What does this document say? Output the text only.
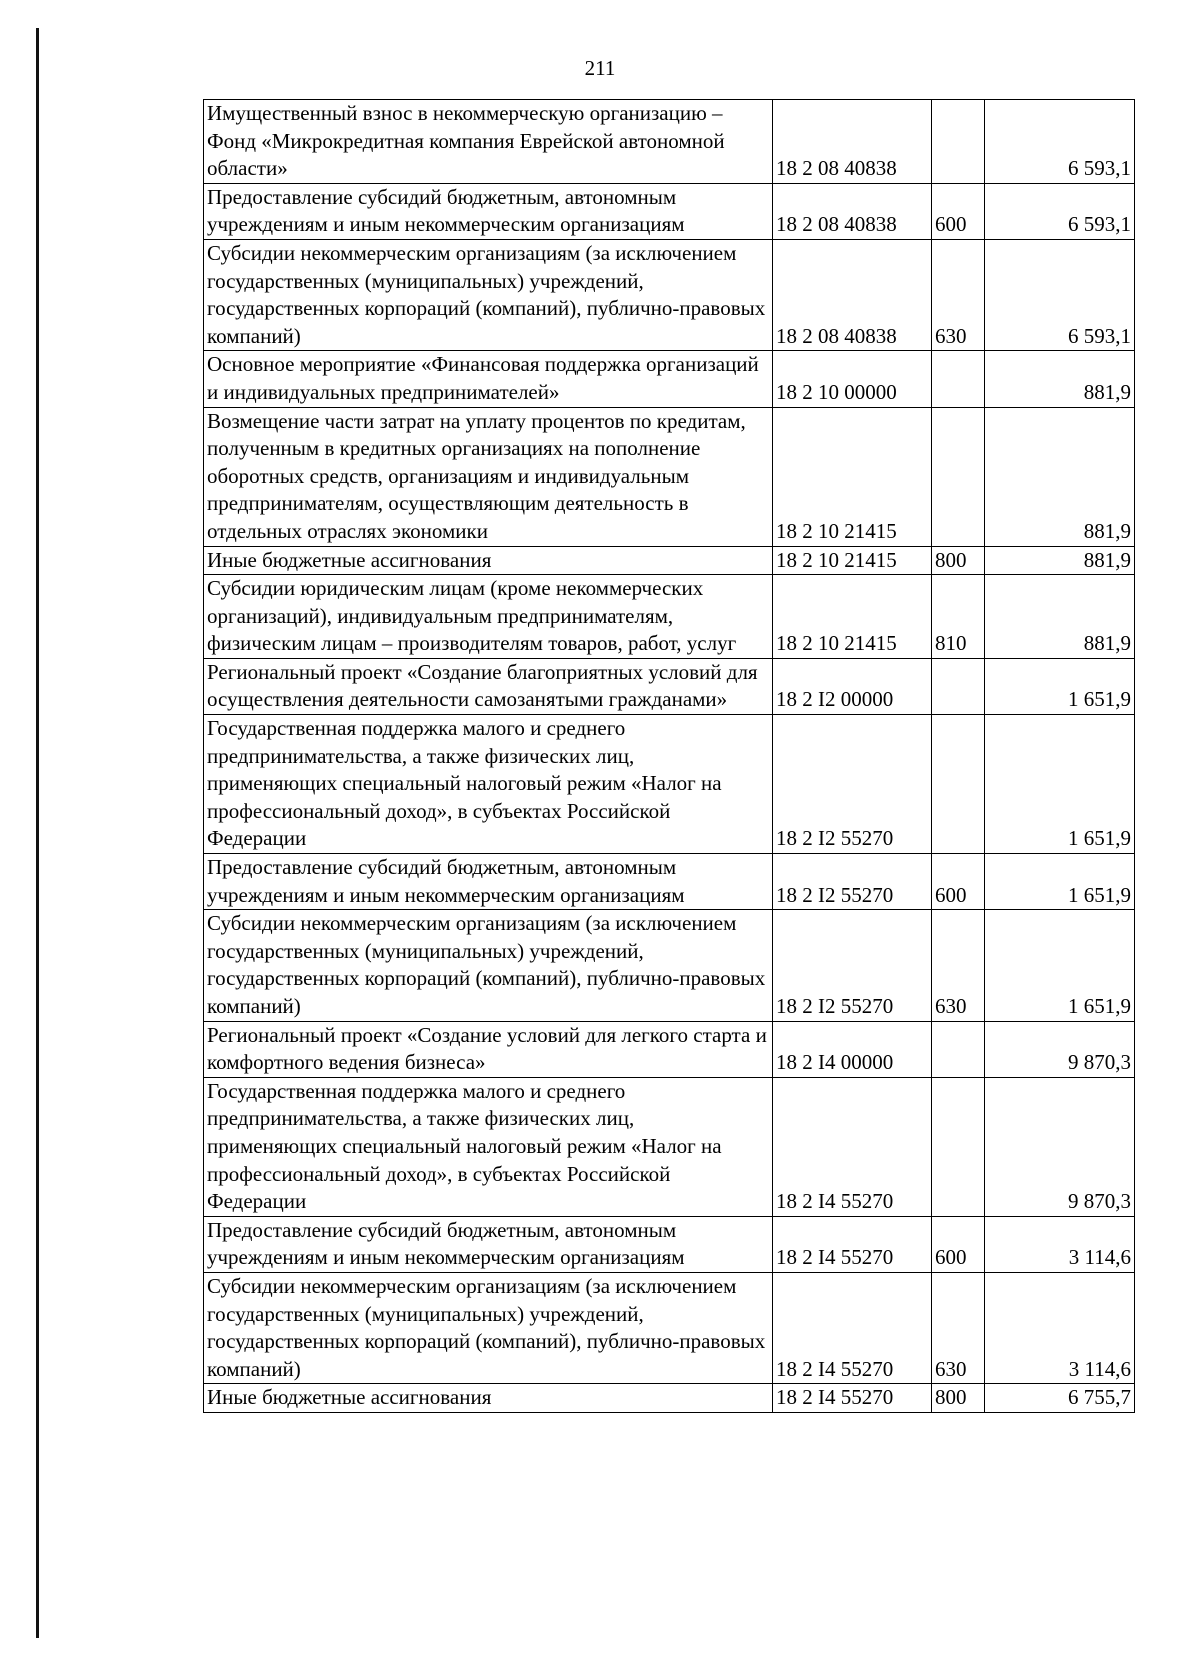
211
Имущественный взнос в некоммерческую организацию – Фонд «Микрокредитная компания Еврейской автономной области»	18 2 08 40838		6 593,1
Предоставление субсидий бюджетным, автономным учреждениям и иным некоммерческим организациям	18 2 08 40838	600	6 593,1
Субсидии некоммерческим организациям (за исключением государственных (муниципальных) учреждений, государственных корпораций (компаний), публично-правовых компаний)	18 2 08 40838	630	6 593,1
Основное мероприятие «Финансовая поддержка организаций и индивидуальных предпринимателей»	18 2 10 00000		881,9
Возмещение части затрат на уплату процентов по кредитам, полученным в кредитных организациях на пополнение оборотных средств, организациям и индивидуальным предпринимателям, осуществляющим деятельность в отдельных отраслях экономики	18 2 10 21415		881,9
Иные бюджетные ассигнования	18 2 10 21415	800	881,9
Субсидии юридическим лицам (кроме некоммерческих организаций), индивидуальным предпринимателям, физическим лицам – производителям товаров, работ, услуг	18 2 10 21415	810	881,9
Региональный проект «Создание благоприятных условий для осуществления деятельности самозанятыми гражданами»	18 2 I2 00000		1 651,9
Государственная поддержка малого и среднего предпринимательства, а также физических лиц, применяющих специальный налоговый режим «Налог на профессиональный доход», в субъектах Российской Федерации	18 2 I2 55270		1 651,9
Предоставление субсидий бюджетным, автономным учреждениям и иным некоммерческим организациям	18 2 I2 55270	600	1 651,9
Субсидии некоммерческим организациям (за исключением государственных (муниципальных) учреждений, государственных корпораций (компаний), публично-правовых компаний)	18 2 I2 55270	630	1 651,9
Региональный проект «Создание условий для легкого старта и комфортного ведения бизнеса»	18 2 I4 00000		9 870,3
Государственная поддержка малого и среднего предпринимательства, а также физических лиц, применяющих специальный налоговый режим «Налог на профессиональный доход», в субъектах Российской Федерации	18 2 I4 55270		9 870,3
Предоставление субсидий бюджетным, автономным учреждениям и иным некоммерческим организациям	18 2 I4 55270	600	3 114,6
Субсидии некоммерческим организациям (за исключением государственных (муниципальных) учреждений, государственных корпораций (компаний), публично-правовых компаний)	18 2 I4 55270	630	3 114,6
Иные бюджетные ассигнования	18 2 I4 55270	800	6 755,7
